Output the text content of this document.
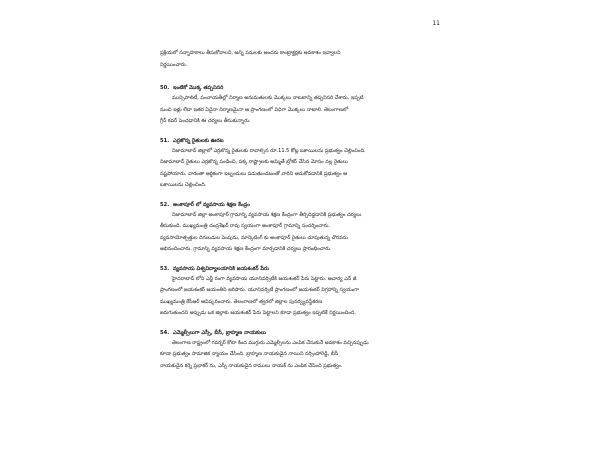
11

ప్రక్రియలో సన్నాహకాలు తీసుకోవాలని, అన్ని పనులకు అందరు కాంట్రాక్టర్లకు అవకాశం ఇవ్వాలని

నిర్ణయించారు.

50. ఇంటికో మొక్క తప్పనిసరి

మున్సిపాలిటీ, పంచాయతీల్లో నిర్మాణ అనుమతులకు మొక్కలు నాటటాన్ని తప్పనిసరి చేశారు. ఇప్పటి

నుంచి ఇళ్లు లేదా ఇతర ఏదైనా నిర్మాణమైనా ఆ ప్రాంగణంలో విధిగా మొక్కలు నాటాలి. తెలంగాణలో

గ్రీన్ కవర్ పెంచడానికి ఈ చర్యలు తీసుకున్నారు.

51. ఎర్రజొన్న రైతులకు ఊరట

నిజామాబాద్ జిల్లాలో ఎర్రజొన్న రైతులకు రావాల్సిన రూ.11.5 కోట్ల బకాయిలను ప్రభుత్వం చెల్లించింది.

నిజామాబాద్ రైతులు ఎర్రజొన్న పండించి, పక్క రాష్ట్రాలకు అమ్మితే బ్రోకర్ చేసిన మోసం వల్ల రైతులు

నష్టపోయారు. వారంతా ఆర్థికంగా ఇబ్బందులు పడుతుండటంతో వారిని ఆదుకోవడానికి ప్రభుత్వం ఆ

బకాయిలను చెల్లించింది.

52. అంకాపూర్ లో వ్యవసాయ శిక్షణ కేంద్రం

నిజామాబాద్ జిల్లా అంకాపూర్ గ్రామాన్ని వ్యవసాయ శిక్షణ కేంద్రంగా తీర్చిదిద్దడానికి ప్రభుత్వం చర్యలు

తీసుకుంది. ముఖ్యమంత్రి చంద్రశేఖర్ రావు స్వయంగా అంకాపూర్ గ్రామాన్ని సందర్శించారు.

వ్యవసాయోత్పత్తుల దిగుబడుల పెంపును, మార్కెటింగ్ కు అంకాపూర్ రైతులు చూపుతున్న చొరవను

అభినందించారు. గ్రామాన్ని వ్యవసాయ శిక్షణ కేంద్రంగా మార్చడానికి చర్యలు ప్రారంభించారు.

53. వ్యవసాయ విశ్వవిద్యాలయానికి జయశంకర్ పేరు

హైదరాబాద్ లోని ఎన్జీ రంగా వ్యవసాయ యూనివర్సిటీకి జయశంకర్ పేరు పెట్టారు. ఆచార్య ఎన్ జీ

ప్రాంగణంలో జయశంకర్ జయంతిని జరిపారు. యూనివర్సిటీ ప్రాంగణంలో జయశంకర్ విగ్రహాన్ని స్వయంగా

ముఖ్యమంత్రి కేసీఆర్ ఆవిష్కరించారు. తెలంగాణలో త్వరలో జిల్లాల పునర్వ్యవస్థీకరణ

జరుగుతుందని అప్పుడు ఒక జిల్లాకు జయశంకర్ పేరు పెట్టాలని కూడా ప్రభుత్వం ఇప్పటికే నిర్ణయించింది.

54. ఎమ్మెల్సీలుగా ఎస్సీ, బీసీ, బ్రాహ్మణ నాయకులు

తెలంగాణ రాష్ట్రంలో గవర్నర్ కోటా కింద ముగ్గురు ఎమ్మెల్సీలను ఎంపిక చేసుకునే అవకాశం వచ్చినప్పుడు

కూడా ప్రభుత్వం సామాజిక న్యాయం చేసింది. బ్రాహ్మణ నాయకుడైన నాయిని నర్సింహారెడ్డి, బీసీ

నాయకుడైన కర్నె ప్రభాకర్ ను, ఎస్సీ నాయకుడైన రాములు నాయక్ ను ఎంపిక చేసింది ప్రభుత్వం.
